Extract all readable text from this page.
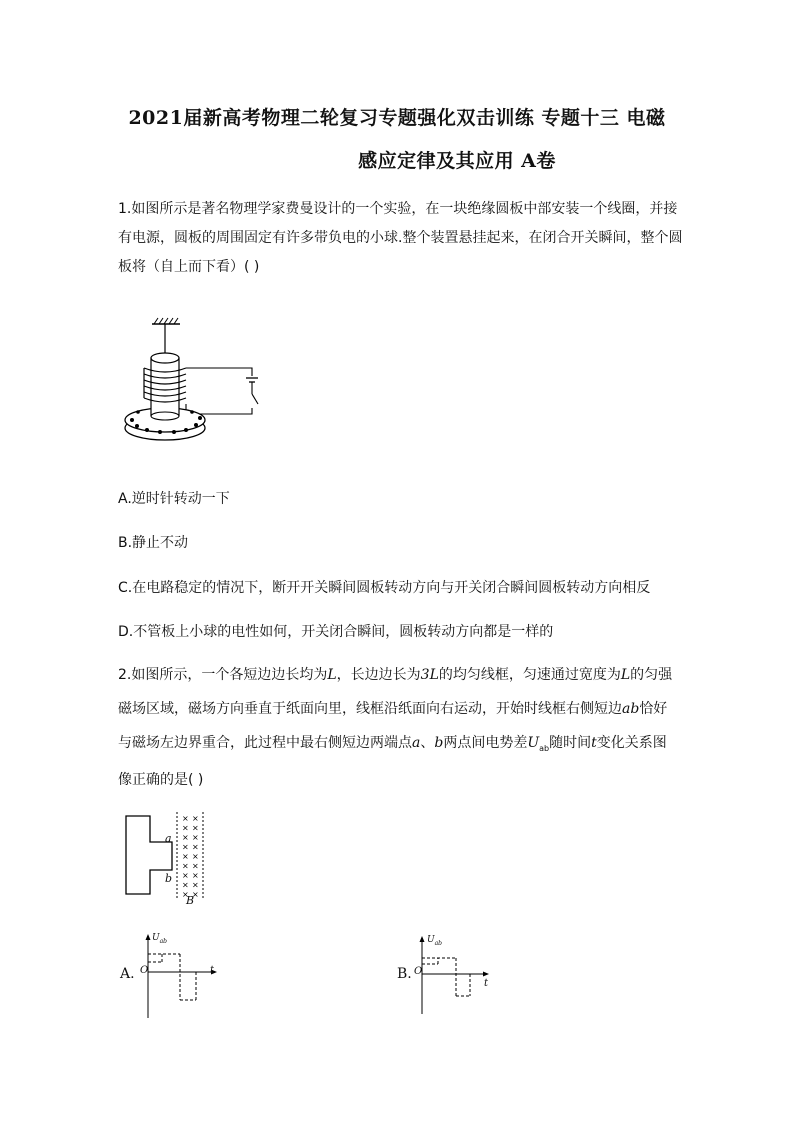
2021届新高考物理二轮复习专题强化双击训练 专题十三 电磁
感应定律及其应用 A卷

1.如图所示是著名物理学家费曼设计的一个实验，在一块绝缘圆板中部安装一个线圈，并接有电源，圆板的周围固定有许多带负电的小球.整个装置悬挂起来，在闭合开关瞬间，整个圆板将（自上而下看）( )

A.逆时针转动一下
B.静止不动
C.在电路稳定的情况下，断开开关瞬间圆板转动方向与开关闭合瞬间圆板转动方向相反
D.不管板上小球的电性如何，开关闭合瞬间，圆板转动方向都是一样的
2.如图所示，一个各短边边长均为L，长边边长为3L的均匀线框，匀速通过宽度为L的匀强
磁场区域，磁场方向垂直于纸面向里，线框沿纸面向右运动，开始时线框右侧短边ab恰好
与磁场左边界重合，此过程中最右侧短边两端点a、b两点间电势差$U_{ab}$随时间t变化关系图
像正确的是( )
× ×
× ×
× ×
× ×
× ×
× ×
× ×
× ×
× ×
a
b
B
A.
$U_{ab}$
O	t	B.
$U_{ab}$
O
t
